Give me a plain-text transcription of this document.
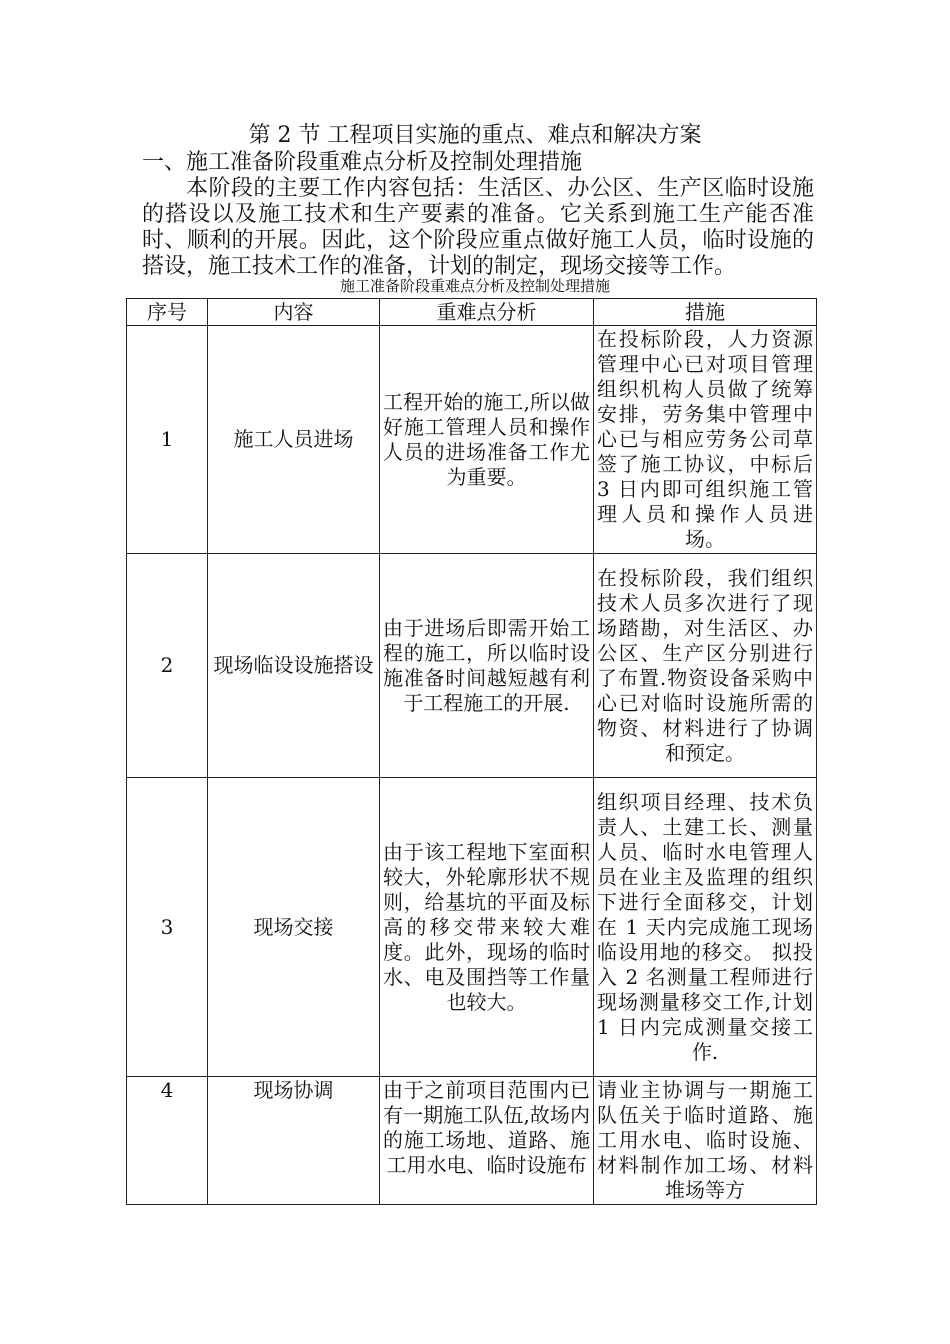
第 2 节 工程项目实施的重点、难点和解决方案
一、施工准备阶段重难点分析及控制处理措施
本阶段的主要工作内容包括：生活区、办公区、生产区临时设施的搭设以及施工技术和生产要素的准备。它关系到施工生产能否准时、顺利的开展。因此，这个阶段应重点做好施工人员，临时设施的搭设，施工技术工作的准备，计划的制定，现场交接等工作。
施工准备阶段重难点分析及控制处理措施
序号	内容	重难点分析	措施
1	施工人员进场	工程开始的施工,所以做好施工管理人员和操作人员的进场准备工作尤为重要。	在投标阶段，人力资源管理中心已对项目管理组织机构人员做了统筹安排，劳务集中管理中心已与相应劳务公司草签了施工协议，中标后 3 日内即可组织施工管理人员和操作人员进场。
2	现场临设设施搭设	由于进场后即需开始工程的施工，所以临时设施准备时间越短越有利于工程施工的开展.	在投标阶段，我们组织技术人员多次进行了现场踏勘，对生活区、办公区、生产区分别进行了布置.物资设备采购中心已对临时设施所需的物资、材料进行了协调和预定。
3	现场交接	由于该工程地下室面积较大，外轮廓形状不规则，给基坑的平面及标高的移交带来较大难度。此外，现场的临时水、电及围挡等工作量也较大。	组织项目经理、技术负责人、土建工长、测量人员、临时水电管理人员在业主及监理的组织下进行全面移交，计划在 1 天内完成施工现场临设用地的移交。 拟投入 2 名测量工程师进行现场测量移交工作,计划 1 日内完成测量交接工作.
4	现场协调	由于之前项目范围内已有一期施工队伍,故场内的施工场地、道路、施工用水电、临时设施布	请业主协调与一期施工队伍关于临时道路、施工用水电、临时设施、材料制作加工场、材料堆场等方
